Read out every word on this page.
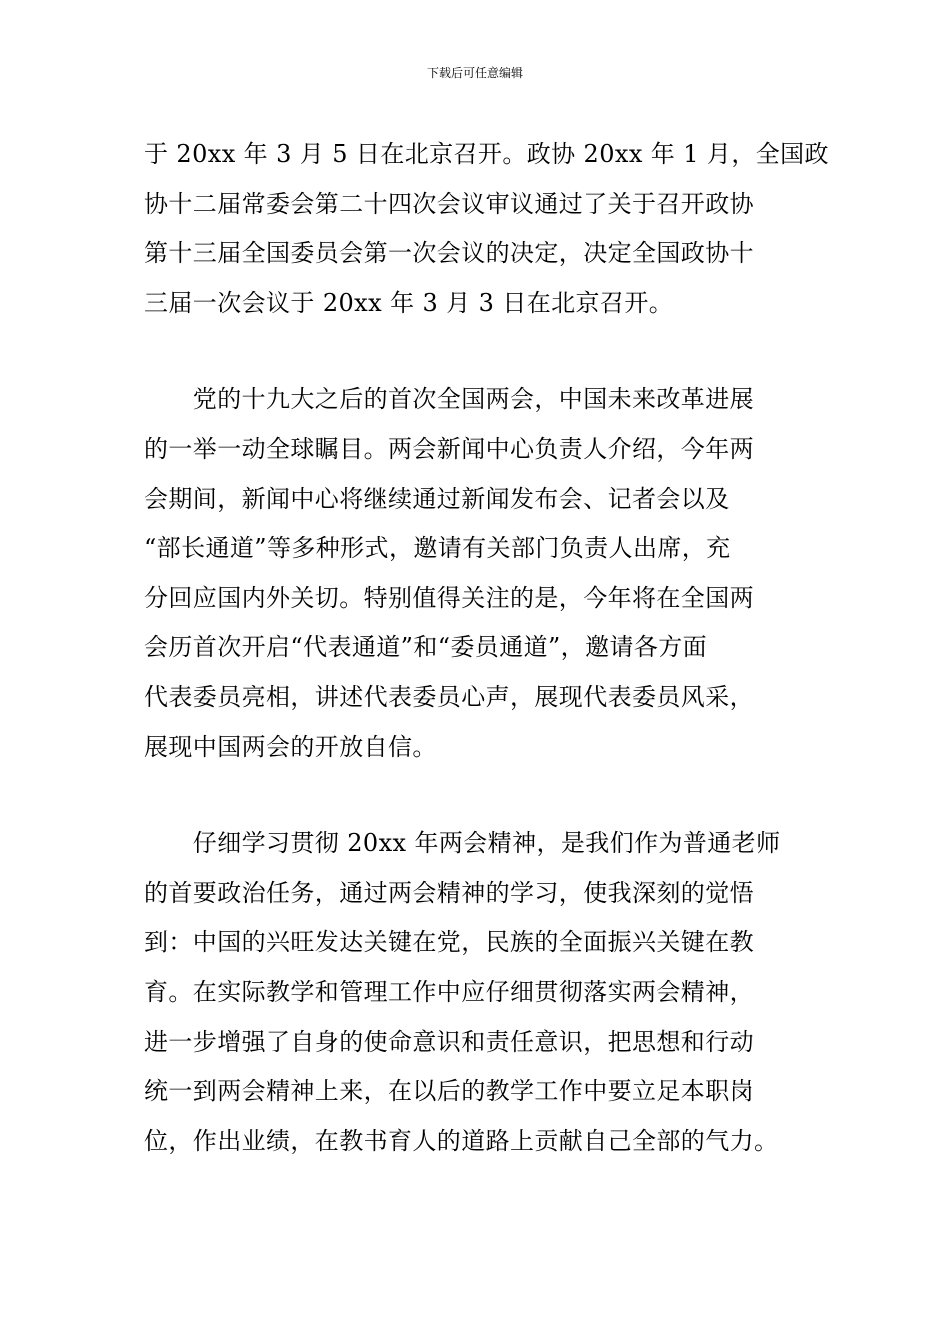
下载后可任意编辑

于 20xx 年 3 月 5 日在北京召开。政协 20xx 年 1 月，全国政
协十二届常委会第二十四次会议审议通过了关于召开政协
第十三届全国委员会第一次会议的决定，决定全国政协十
三届一次会议于 20xx 年 3 月 3 日在北京召开。

　　党的十九大之后的首次全国两会，中国未来改革进展
的一举一动全球瞩目。两会新闻中心负责人介绍，今年两
会期间，新闻中心将继续通过新闻发布会、记者会以及
“部长通道”等多种形式，邀请有关部门负责人出席，充
分回应国内外关切。特别值得关注的是，今年将在全国两
会历首次开启“代表通道”和“委员通道”，邀请各方面
代表委员亮相，讲述代表委员心声，展现代表委员风采，
展现中国两会的开放自信。

　　仔细学习贯彻 20xx 年两会精神，是我们作为普通老师
的首要政治任务，通过两会精神的学习，使我深刻的觉悟
到：中国的兴旺发达关键在党，民族的全面振兴关键在教
育。在实际教学和管理工作中应仔细贯彻落实两会精神，
进一步增强了自身的使命意识和责任意识，把思想和行动
统一到两会精神上来，在以后的教学工作中要立足本职岗
位，作出业绩，在教书育人的道路上贡献自己全部的气力。
